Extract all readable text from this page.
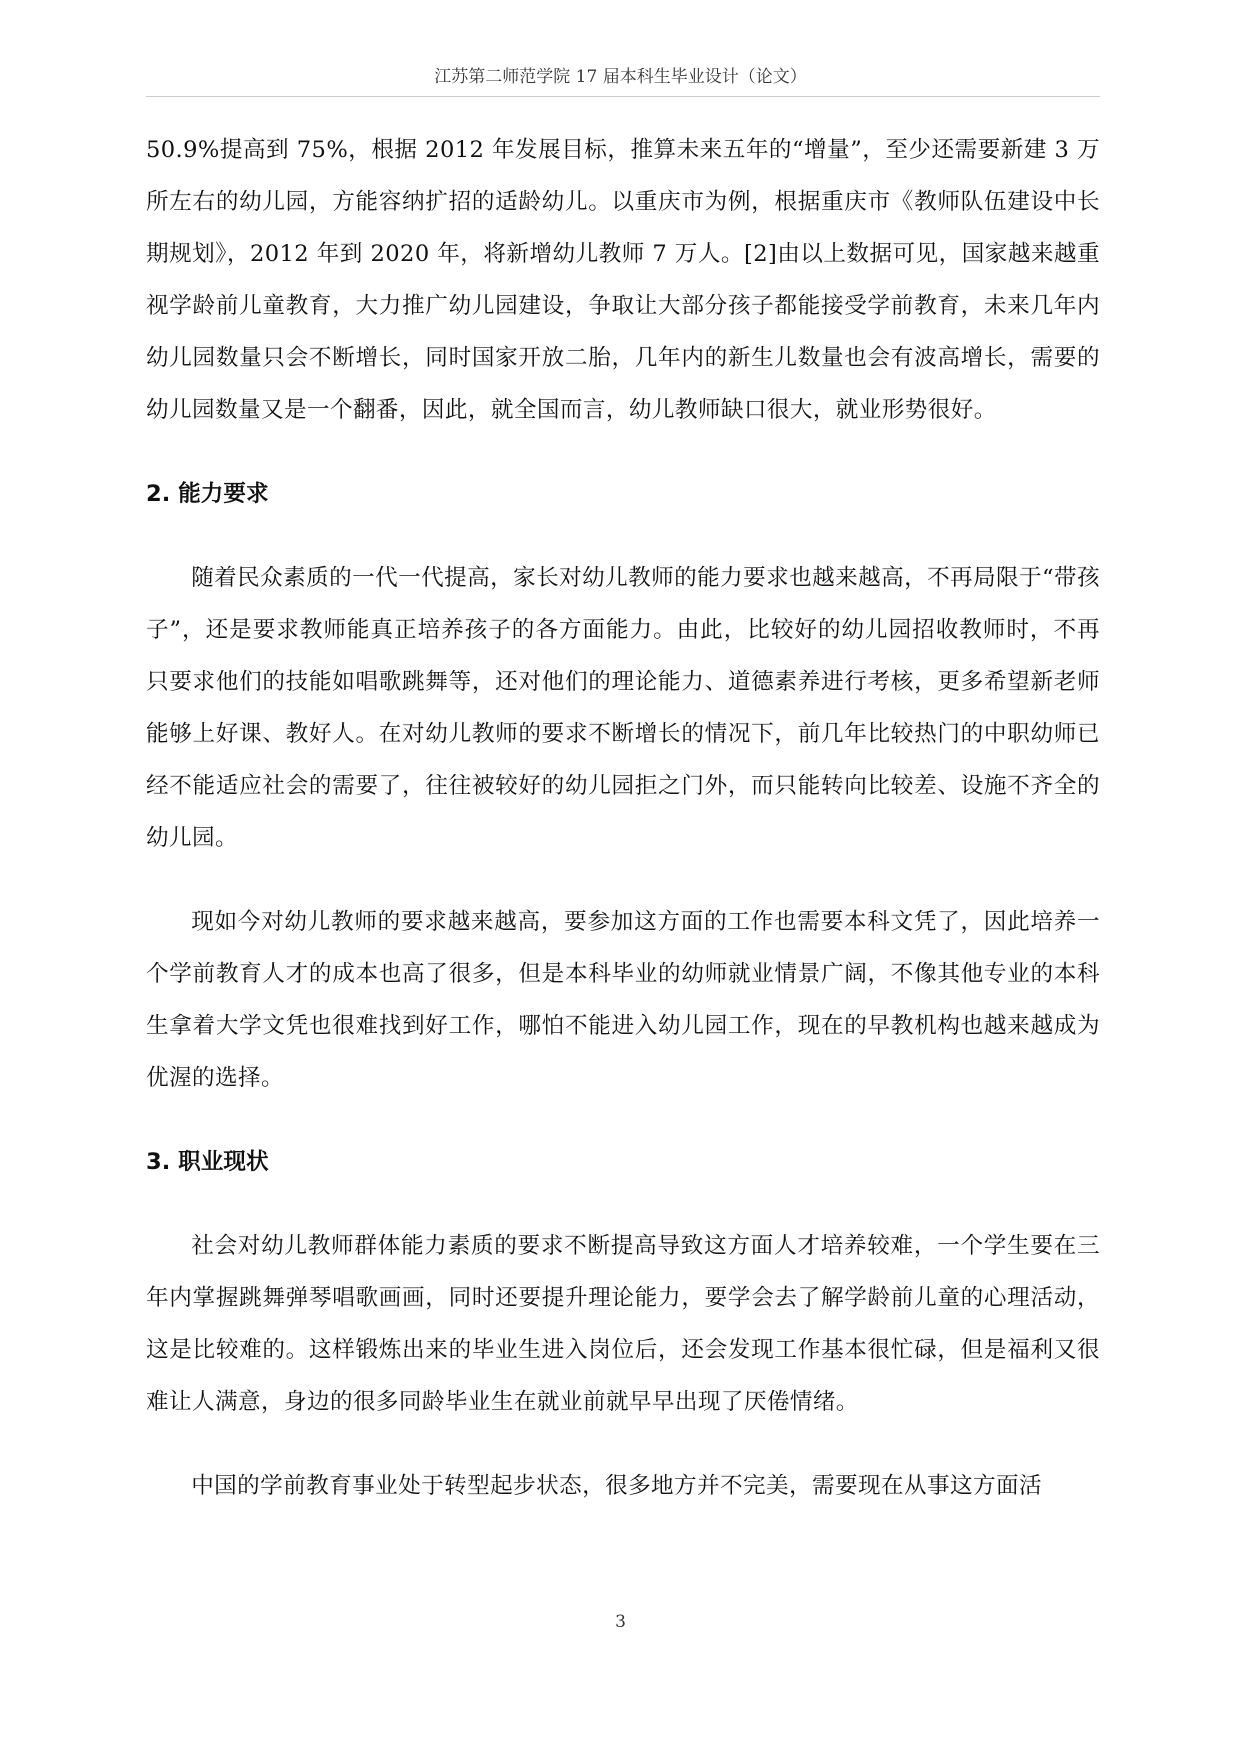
江苏第二师范学院 17 届本科生毕业设计（论文）

50.9%提高到 75%，根据 2012 年发展目标，推算未来五年的“增量”，至少还需要新建 3 万所左右的幼儿园，方能容纳扩招的适龄幼儿。以重庆市为例，根据重庆市《教师队伍建设中长期规划》，2012 年到 2020 年，将新增幼儿教师 7 万人。[2]由以上数据可见，国家越来越重视学龄前儿童教育，大力推广幼儿园建设，争取让大部分孩子都能接受学前教育，未来几年内幼儿园数量只会不断增长，同时国家开放二胎，几年内的新生儿数量也会有波高增长，需要的幼儿园数量又是一个翻番，因此，就全国而言，幼儿教师缺口很大，就业形势很好。

2. 能力要求

随着民众素质的一代一代提高，家长对幼儿教师的能力要求也越来越高，不再局限于“带孩子”，还是要求教师能真正培养孩子的各方面能力。由此，比较好的幼儿园招收教师时，不再只要求他们的技能如唱歌跳舞等，还对他们的理论能力、道德素养进行考核，更多希望新老师能够上好课、教好人。在对幼儿教师的要求不断增长的情况下，前几年比较热门的中职幼师已经不能适应社会的需要了，往往被较好的幼儿园拒之门外，而只能转向比较差、设施不齐全的幼儿园。

现如今对幼儿教师的要求越来越高，要参加这方面的工作也需要本科文凭了，因此培养一个学前教育人才的成本也高了很多，但是本科毕业的幼师就业情景广阔，不像其他专业的本科生拿着大学文凭也很难找到好工作，哪怕不能进入幼儿园工作，现在的早教机构也越来越成为优渥的选择。

3. 职业现状

社会对幼儿教师群体能力素质的要求不断提高导致这方面人才培养较难，一个学生要在三年内掌握跳舞弹琴唱歌画画，同时还要提升理论能力，要学会去了解学龄前儿童的心理活动，这是比较难的。这样锻炼出来的毕业生进入岗位后，还会发现工作基本很忙碌，但是福利又很难让人满意，身边的很多同龄毕业生在就业前就早早出现了厌倦情绪。

中国的学前教育事业处于转型起步状态，很多地方并不完美，需要现在从事这方面活

3
